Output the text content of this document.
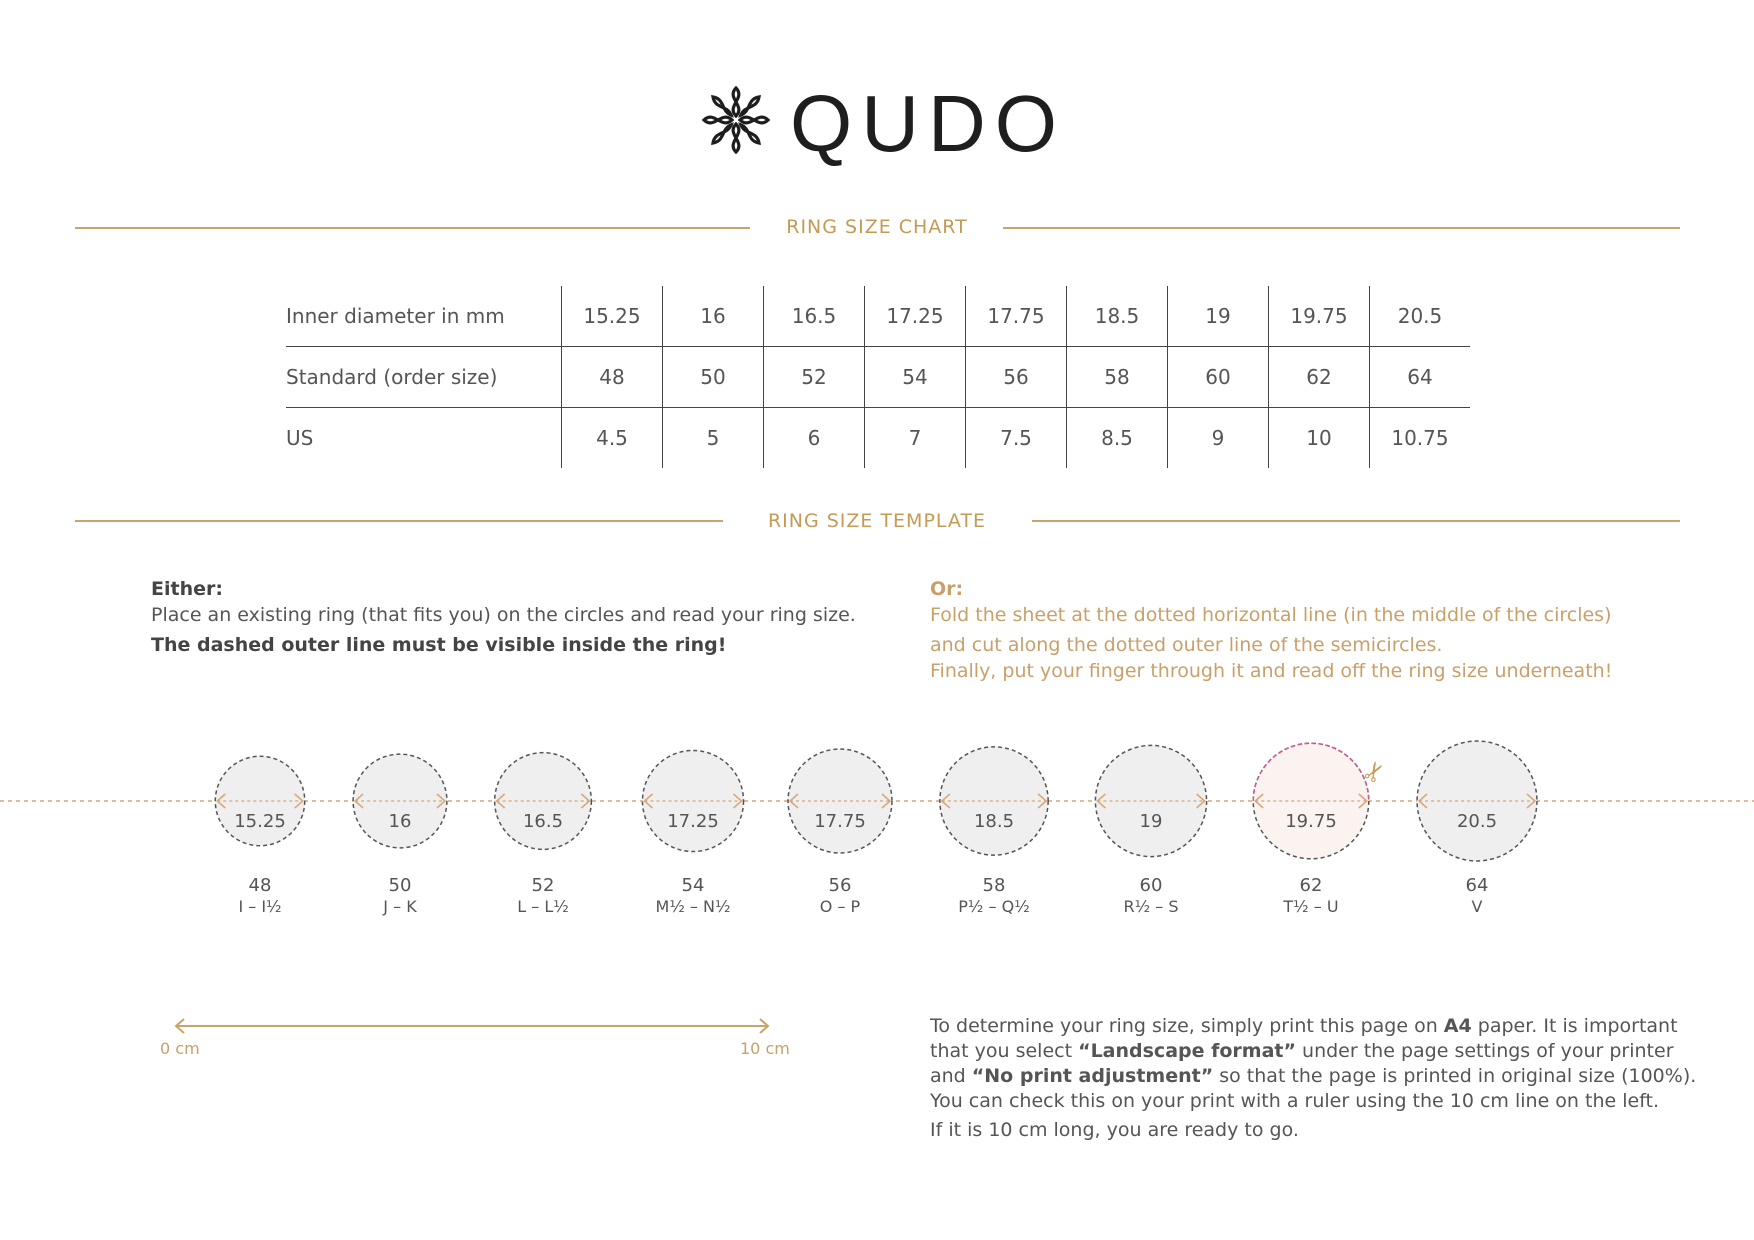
QUDO
RING SIZE CHART
Inner diameter in mm	15.25	16	16.5	17.25	17.75	18.5	19	19.75	20.5
Standard (order size)	48	50	52	54	56	58	60	62	64
US	4.5	5	6	7	7.5	8.5	9	10	10.75
RING SIZE TEMPLATE
Either:
Place an existing ring (that fits you) on the circles and read your ring size.
The dashed outer line must be visible inside the ring!
Or:
Fold the sheet at the dotted horizontal line (in the middle of the circles)
and cut along the dotted outer line of the semicircles.
Finally, put your finger through it and read off the ring size underneath!
15.25
48
I – I½
16
50
J – K
16.5
52
L – L½
17.25
54
M½ – N½
17.75
56
O – P
18.5
58
P½ – Q½
19
60
R½ – S
✂
19.75
62
T½ – U
20.5
64
V
0 cm	10 cm
To determine your ring size, simply print this page on A4 paper. It is important
that you select “Landscape format” under the page settings of your printer
and “No print adjustment” so that the page is printed in original size (100%).
You can check this on your print with a ruler using the 10 cm line on the left.
If it is 10 cm long, you are ready to go.
